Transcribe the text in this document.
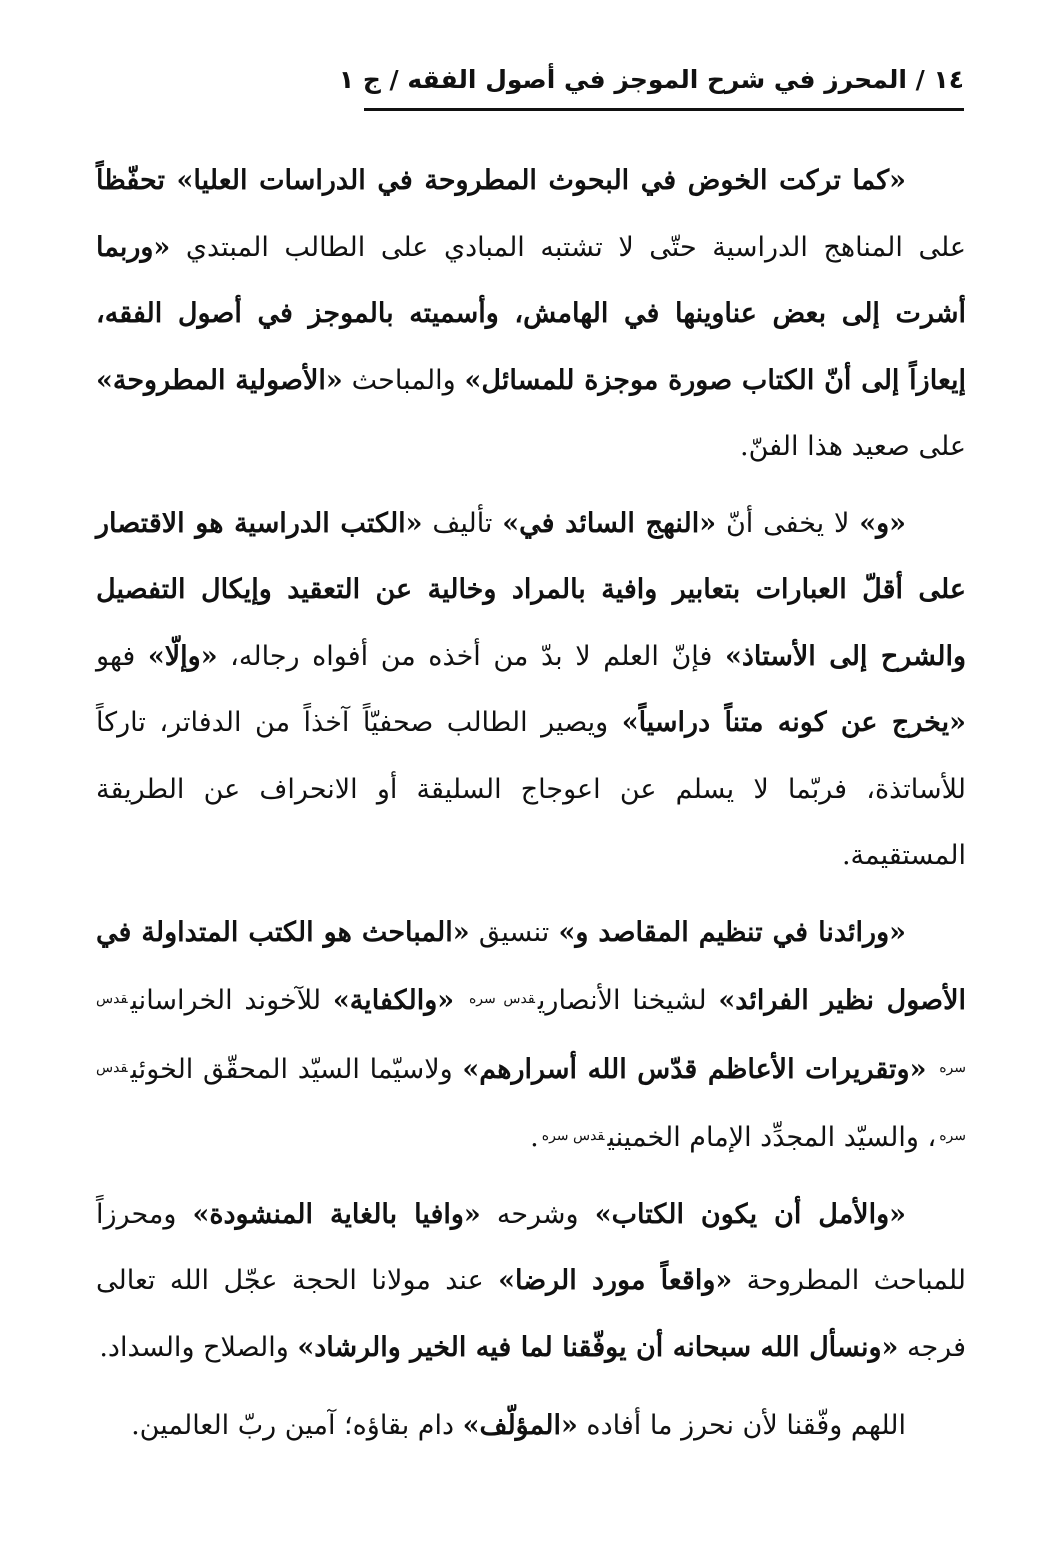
١٤ / المحرز في شرح الموجز في أصول الفقه / ج ١

«كما تركت الخوض في البحوث المطروحة في الدراسات العليا» تحفّظاً على المناهج الدراسية حتّى لا تشتبه المبادي على الطالب المبتدي «وربما أشرت إلى بعض عناوينها في الهامش، وأسميته بالموجز في أصول الفقه، إيعازاً إلى أنّ الكتاب صورة موجزة للمسائل» والمباحث «الأصولية المطروحة» على صعيد هذا الفنّ.

«و» لا يخفى أنّ «النهج السائد في» تأليف «الكتب الدراسية هو الاقتصار على أقلّ العبارات بتعابير وافية بالمراد وخالية عن التعقيد وإيكال التفصيل والشرح إلى الأستاذ» فإنّ العلم لا بدّ من أخذه من أفواه رجاله، «وإلّا» فهو «يخرج عن كونه متناً دراسياً» ويصير الطالب صحفيّاً آخذاً من الدفاتر، تاركاً للأساتذة، فربّما لا يسلم عن اعوجاج السليقة أو الانحراف عن الطريقة المستقيمة.

«ورائدنا في تنظيم المقاصد و» تنسيق «المباحث هو الكتب المتداولة في الأصول نظير الفرائد» لشيخنا الأنصاري$^{قدس سره}$ «والكفاية» للآخوند الخراساني$^{قدس سره}$ «وتقريرات الأعاظم قدّس الله أسرارهم» ولاسيّما السيّد المحقّق الخوئي$^{قدس سره}$، والسيّد المجدِّد الإمام الخميني$^{قدس سره}$.

«والأمل أن يكون الكتاب» وشرحه «وافيا بالغاية المنشودة» ومحرزاً للمباحث المطروحة «واقعاً مورد الرضا» عند مولانا الحجة عجّل الله تعالى فرجه «ونسأل الله سبحانه أن يوفّقنا لما فيه الخير والرشاد» والصلاح والسداد.

اللهم وفّقنا لأن نحرز ما أفاده «المؤلّف» دام بقاؤه؛ آمين ربّ العالمين.
